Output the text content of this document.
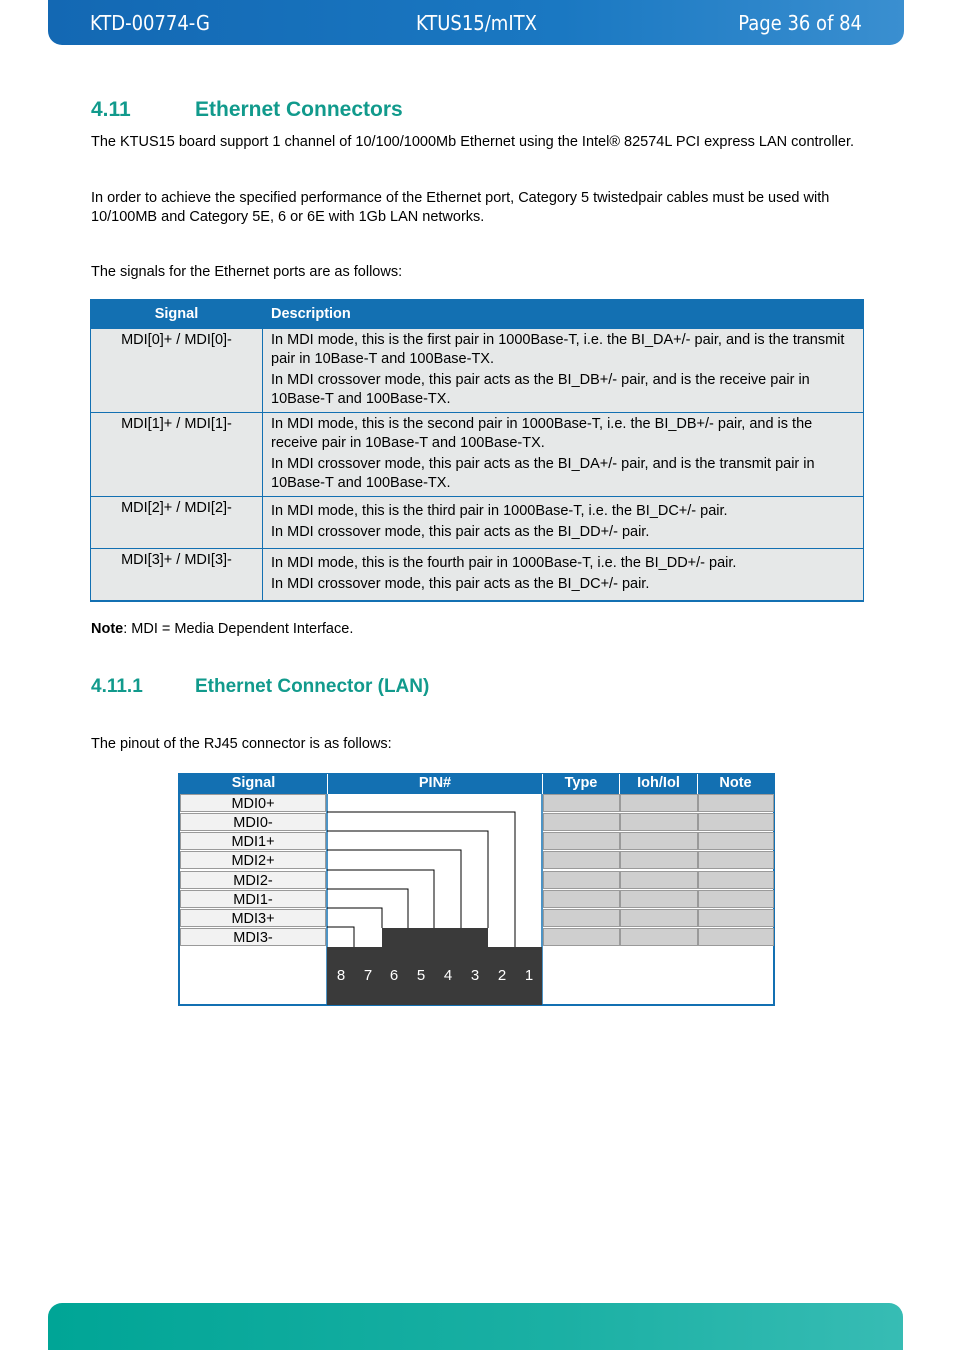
KTD-00774-G	KTUS15/mITX	Page 36 of 84
4.11	Ethernet Connectors

The KTUS15 board support 1 channel of 10/100/1000Mb Ethernet using the Intel® 82574L PCI express LAN controller.

In order to achieve the specified performance of the Ethernet port, Category 5 twistedpair cables must be used with 10/100MB and Category 5E, 6 or 6E with 1Gb LAN networks.

The signals for the Ethernet ports are as follows:

Signal	Description
MDI[0]+ / MDI[0]-	In MDI mode, this is the first pair in 1000Base-T, i.e. the BI_DA+/- pair, and is the transmit pair in 10Base-T and 100Base-TX.

In MDI crossover mode, this pair acts as the BI_DB+/- pair, and is the receive pair in 10Base-T and 100Base-TX.

MDI[1]+ / MDI[1]-	In MDI mode, this is the second pair in 1000Base-T, i.e. the BI_DB+/- pair, and is the receive pair in 10Base-T and 100Base-TX.

In MDI crossover mode, this pair acts as the BI_DA+/- pair, and is the transmit pair in 10Base-T and 100Base-TX.

MDI[2]+ / MDI[2]-	In MDI mode, this is the third pair in 1000Base-T, i.e. the BI_DC+/- pair.

In MDI crossover mode, this pair acts as the BI_DD+/- pair.

MDI[3]+ / MDI[3]-	In MDI mode, this is the fourth pair in 1000Base-T, i.e. the BI_DD+/- pair.

In MDI crossover mode, this pair acts as the BI_DC+/- pair.

Note: MDI = Media Dependent Interface.

4.11.1	Ethernet Connector (LAN)

The pinout of the RJ45 connector is as follows:

Signal	PIN#	Type	Ioh/Iol	Note
MDI0+
MDI0-
MDI1+
MDI2+
MDI2-
MDI1-
MDI3+
MDI3-
8	7	6	5	4	3	2	1
